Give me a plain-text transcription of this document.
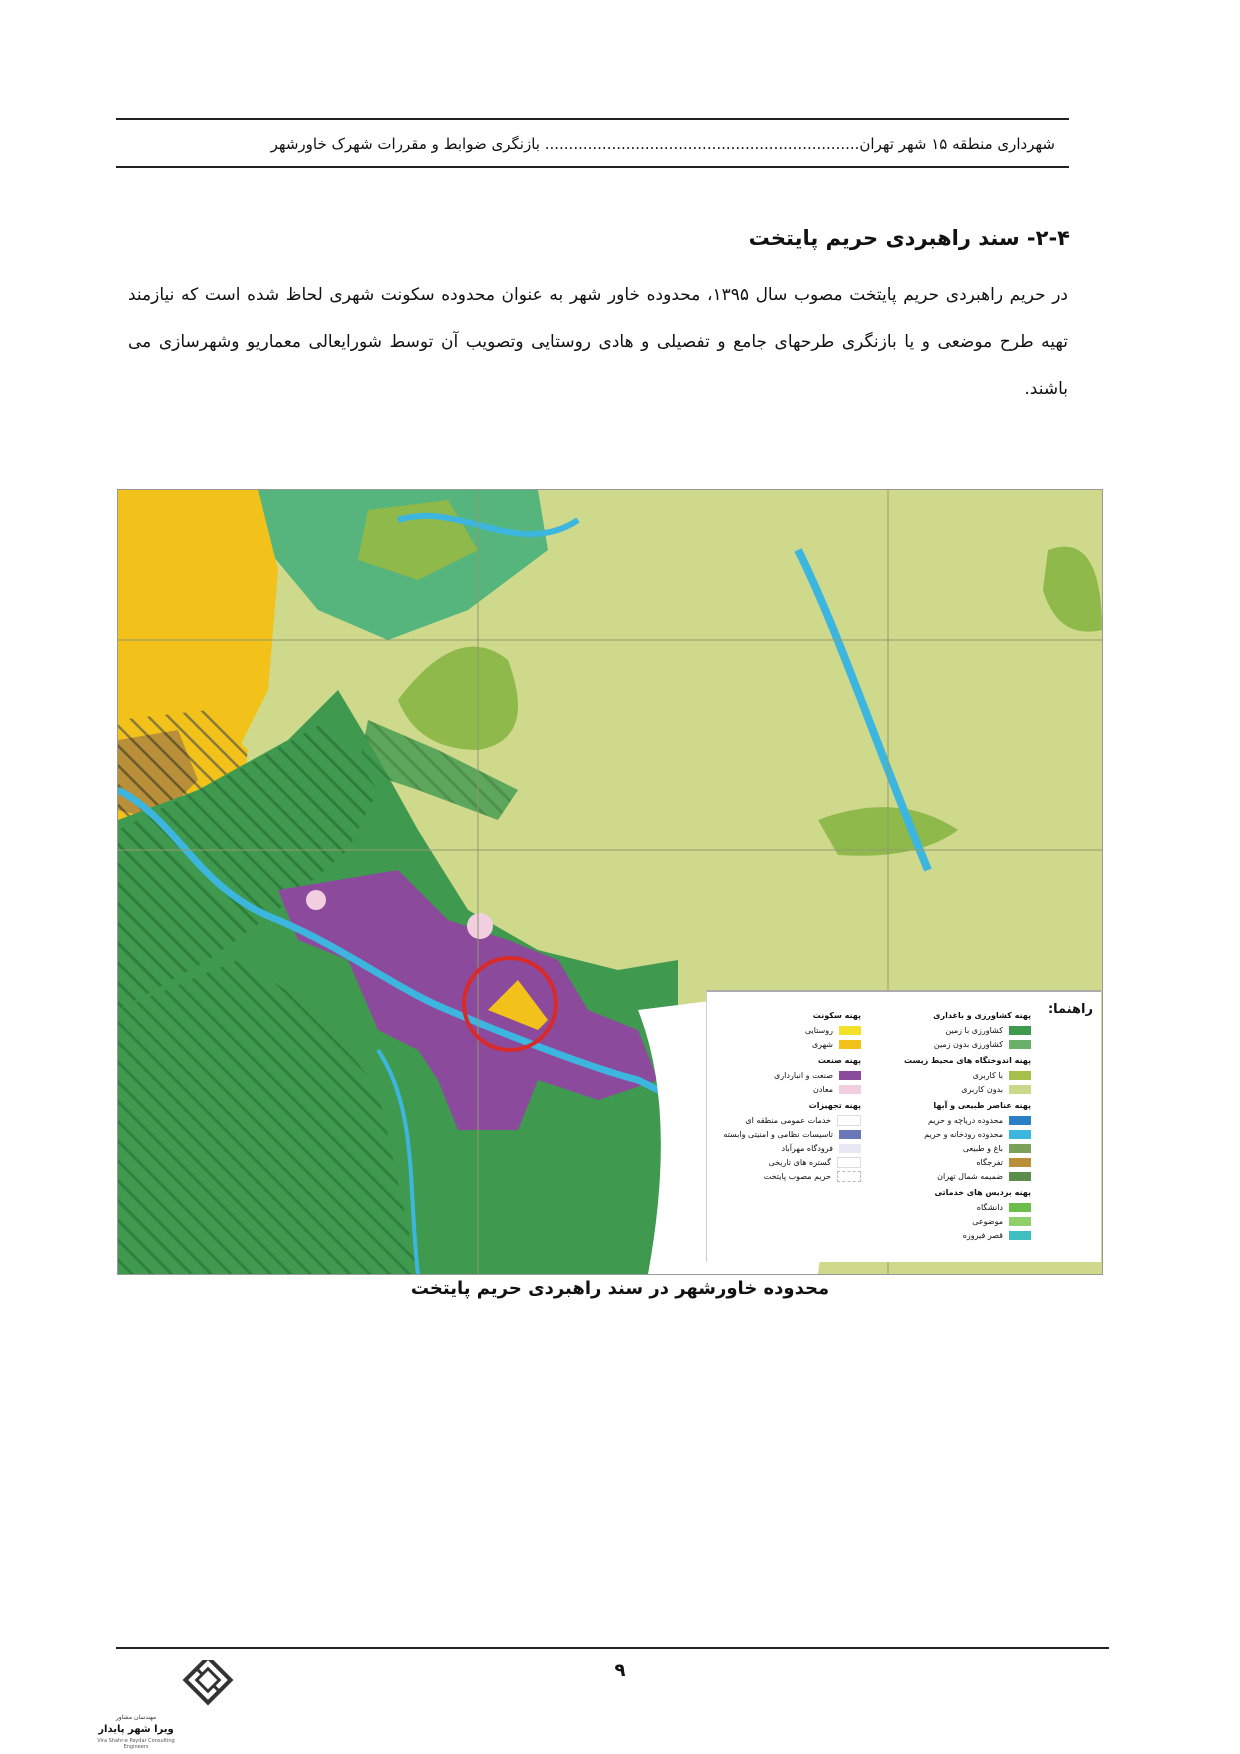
شهرداری منطقه ۱۵ شهر تهران.................................................................. بازنگری ضوابط و مقررات شهرک خاورشهر
۲-۴- سند راهبردی حریم پایتخت
در حریم راهبردی حریم پایتخت مصوب سال ۱۳۹۵، محدوده خاور شهر به عنوان محدوده سکونت شهری لحاظ شده است که نیازمند تهیه طرح موضعی و یا بازنگری طرحهای جامع و تفصیلی و هادی روستایی وتصویب آن توسط شورایعالی معماریو وشهرسازی می باشند.
راهنما:
پهنه کشاورزی و باغداری
کشاورزی با زمین
کشاورزی بدون زمین
پهنه اندوختگاه های محیط زیست
با کاربری
بدون کاربری
پهنه عناصر طبیعی و آبها
محدوده دریاچه و حریم
محدوده رودخانه و حریم
باغ و طبیعی
تفرجگاه
ضمیمه شمال تهران
پهنه بردیس های خدماتی
دانشگاه
موضوعی
قصر فیروزه
پهنه سکونت
روستایی
شهری
پهنه صنعت
صنعت و انبارداری
معادن
پهنه تجهیزات
خدمات عمومی منطقه ای
تاسیسات نظامی و امنیتی وابسته
فرودگاه مهرآباد
گستره های تاریخی
حریم مصوب پایتخت
محدوده خاورشهر در سند راهبردی حریم پایتخت
۹
مهندسان مشاور
ویرا شهر پایدار
Vira Shahr-e Paydar Consulting Engineers
